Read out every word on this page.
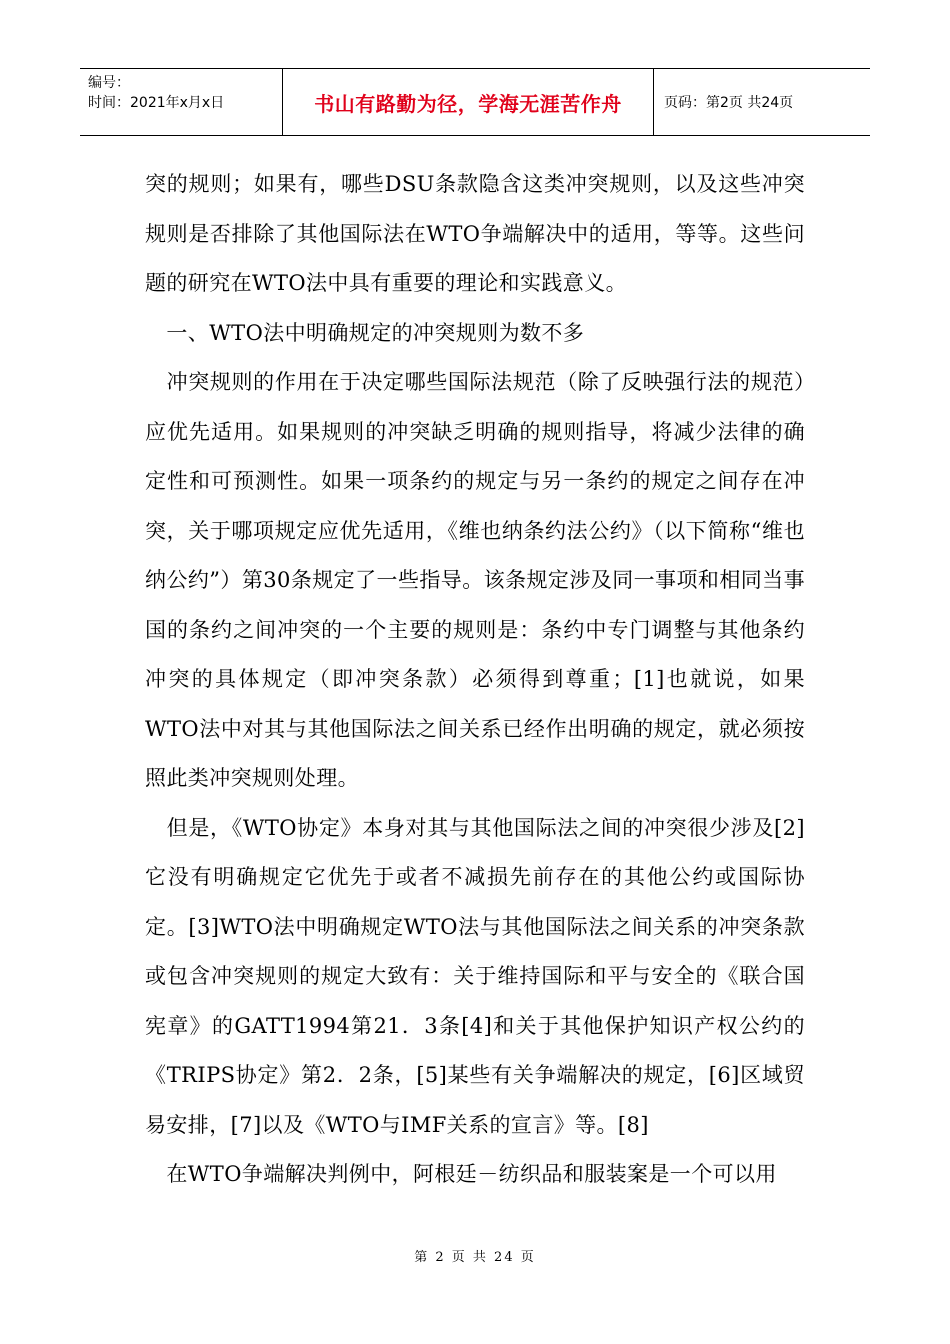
编号：
时间：2021年x月x日	书山有路勤为径，学海无涯苦作舟	页码：第2页 共24页

突的规则；如果有，哪些DSU条款隐含这类冲突规则，以及这些冲突规则是否排除了其他国际法在WTO争端解决中的适用，等等。这些问题的研究在WTO法中具有重要的理论和实践意义。

　一、WTO法中明确规定的冲突规则为数不多

　冲突规则的作用在于决定哪些国际法规范（除了反映强行法的规范）应优先适用。如果规则的冲突缺乏明确的规则指导，将减少法律的确定性和可预测性。如果一项条约的规定与另一条约的规定之间存在冲突，关于哪项规定应优先适用，《维也纳条约法公约》（以下简称“维也纳公约”）第30条规定了一些指导。该条规定涉及同一事项和相同当事国的条约之间冲突的一个主要的规则是：条约中专门调整与其他条约冲突的具体规定（即冲突条款）必须得到尊重；[1]也就说，如果WTO法中对其与其他国际法之间关系已经作出明确的规定，就必须按照此类冲突规则处理。

　但是，《WTO协定》本身对其与其他国际法之间的冲突很少涉及[2]它没有明确规定它优先于或者不减损先前存在的其他公约或国际协定。[3]WTO法中明确规定WTO法与其他国际法之间关系的冲突条款或包含冲突规则的规定大致有：关于维持国际和平与安全的《联合国宪章》的GATT1994第21．3条[4]和关于其他保护知识产权公约的《TRIPS协定》第2．2条，[5]某些有关争端解决的规定，[6]区域贸易安排，[7]以及《WTO与IMF关系的宣言》等。[8]

　在WTO争端解决判例中，阿根廷－纺织品和服装案是一个可以用

第 2 页 共 24 页
